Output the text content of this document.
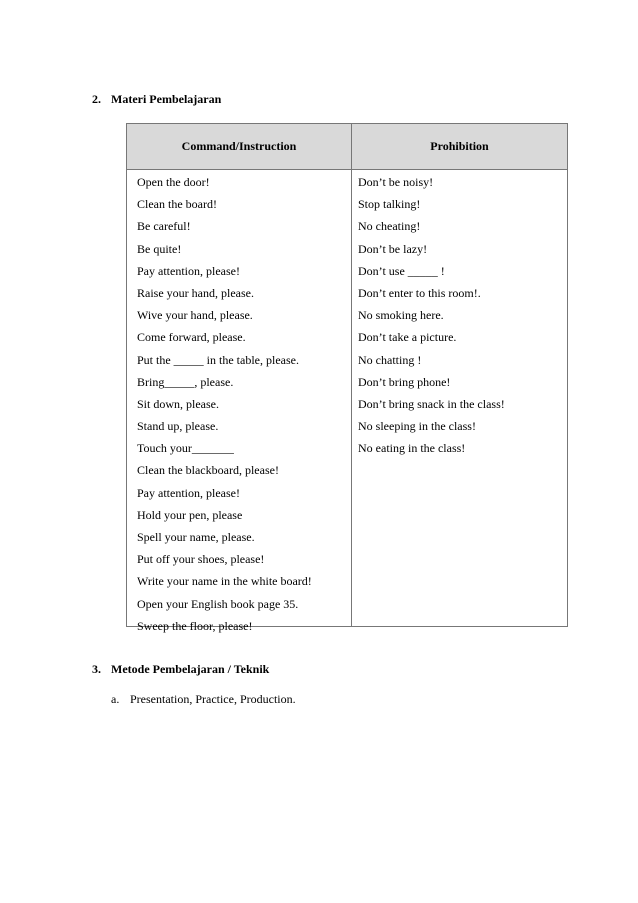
2. Materi Pembelajaran
Command/Instruction	Prohibition
Open the door!
Clean the board!
Be careful!
Be quite!
Pay attention, please!
Raise your hand, please.
Wive your hand, please.
Come forward, please.
Put the _____ in the table, please.
Bring_____, please.
Sit down, please.
Stand up, please.
Touch your_______
Clean the blackboard, please!
Pay attention, please!
Hold your pen, please
Spell your name, please.
Put off your shoes, please!
Write your name in the white board!
Open your English book page 35.
Sweep the floor, please!
Don’t be noisy!
Stop talking!
No cheating!
Don’t be lazy!
Don’t use _____ !
Don’t enter to this room!.
No smoking here.
Don’t take a picture.
No chatting !
Don’t bring phone!
Don’t bring snack in the class!
No sleeping in the class!
No eating in the class!
3. Metode Pembelajaran / Teknik
a. Presentation, Practice, Production.
